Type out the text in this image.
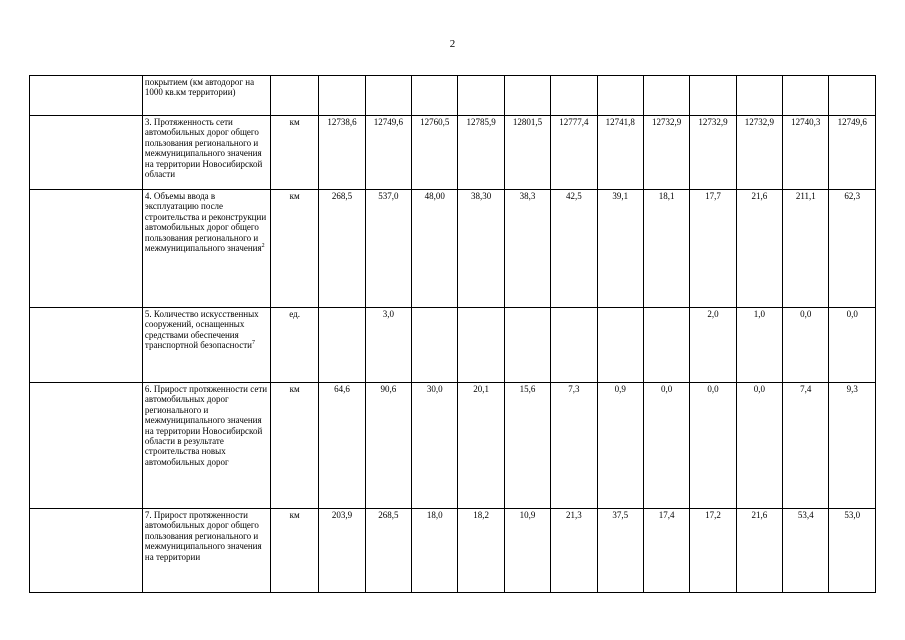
2
	покрытием (км автодорог на 1000 кв.км территории)													
	3. Протяженность сети автомобильных дорог общего пользования регионального и межмуниципального значения на территории Новосибирской области	км	12738,6	12749,6	12760,5	12785,9	12801,5	12777,4	12741,8	12732,9	12732,9	12732,9	12740,3	12749,6
	4. Объемы ввода в эксплуатацию после строительства и реконструкции автомобильных дорог общего пользования регионального и межмуниципального значения$^2$	км	268,5	537,0	48,00	38,30	38,3	42,5	39,1	18,1	17,7	21,6	211,1	62,3
	5. Количество искусственных сооружений, оснащенных средствами обеспечения транспортной безопасности$^7$	ед.		3,0							2,0	1,0	0,0	0,0
	6. Прирост протяженности сети автомобильных дорог регионального и межмуниципального значения на территории Новосибирской области в результате строительства новых автомобильных дорог	км	64,6	90,6	30,0	20,1	15,6	7,3	0,9	0,0	0,0	0,0	7,4	9,3
	7. Прирост протяженности автомобильных дорог общего пользования регионального и межмуниципального значения на территории	км	203,9	268,5	18,0	18,2	10,9	21,3	37,5	17,4	17,2	21,6	53,4	53,0
